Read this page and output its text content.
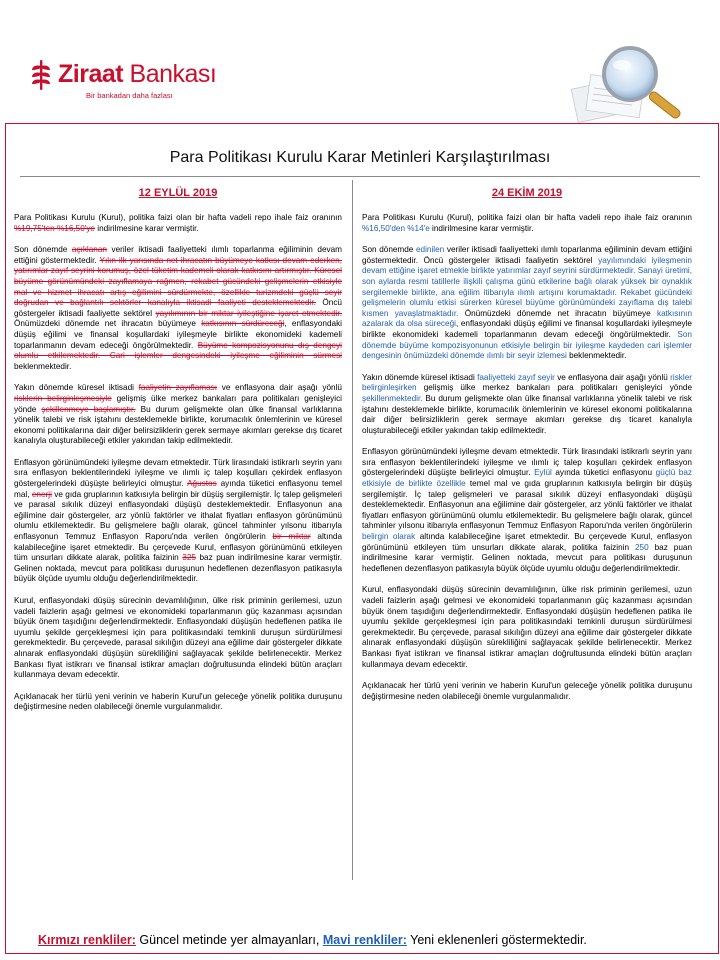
Ziraat Bankası
Bir bankadan daha fazlası
Para Politikası Kurulu Karar Metinleri Karşılaştırılması
12 EYLÜL 2019

Para Politikası Kurulu (Kurul), politika faizi olan bir hafta vadeli repo ihale faiz oranının %19,75'ten %16,50'ye indirilmesine karar vermiştir.

Son dönemde açıklanan veriler iktisadi faaliyetteki ılımlı toparlanma eğiliminin devam ettiğini göstermektedir. Yılın ilk yarısında net ihracatın büyümeye katkısı devam ederken, yatırımlar zayıf seyrini korumuş, özel tüketim kademeli olarak katkısını artırmıştır. Küresel büyüme görünümündeki zayıflamaya rağmen, rekabet gücündeki gelişmelerin etkisiyle mal ve hizmet ihracatı artış eğilimini sürdürmekte, özellikle turizmdeki güçlü seyir doğrudan ve bağlantılı sektörler kanalıyla iktisadi faaliyeti desteklemektedir. Öncü göstergeler iktisadi faaliyette sektörel yayılımının bir miktar iyileştiğine işaret etmektedir. Önümüzdeki dönemde net ihracatın büyümeye katkısının sürdüreceği, enflasyondaki düşüş eğilimi ve finansal koşullardaki iyileşmeyle birlikte ekonomideki kademeli toparlanmanın devam edeceği öngörülmektedir. Büyüme kompozisyonunu dış dengeyi olumlu etkilemektedir. Cari işlemler dengesindeki iyileşme eğiliminin sürmesi beklenmektedir.

Yakın dönemde küresel iktisadi faaliyetin zayıflaması ve enflasyona dair aşağı yönlü risklerin belirginleşmesiyle gelişmiş ülke merkez bankaları para politikaları genişleyici yönde şekillenmeye başlamıştır. Bu durum gelişmekte olan ülke finansal varlıklarına yönelik talebi ve risk iştahını desteklemekle birlikte, korumacılık önlemlerinin ve küresel ekonomi politikalarına dair diğer belirsizliklerin gerek sermaye akımları gerekse dış ticaret kanalıyla oluşturabileceği etkiler yakından takip edilmektedir.

Enflasyon görünümündeki iyileşme devam etmektedir. Türk lirasındaki istikrarlı seyrin yanı sıra enflasyon beklentilerindeki iyileşme ve ılımlı iç talep koşulları çekirdek enflasyon göstergelerindeki düşüşte belirleyici olmuştur. Ağustos ayında tüketici enflasyonu temel mal, enerji ve gıda gruplarının katkısıyla belirgin bir düşüş sergilemiştir. İç talep gelişmeleri ve parasal sıkılık düzeyi enflasyondaki düşüşü desteklemektedir. Enflasyonun ana eğilimine dair göstergeler, arz yönlü faktörler ve ithalat fiyatları enflasyon görünümünü olumlu etkilemektedir. Bu gelişmelere bağlı olarak, güncel tahminler yılsonu itibarıyla enflasyonun Temmuz Enflasyon Raporu'nda verilen öngörülerin bir miktar altında kalabileceğine işaret etmektedir. Bu çerçevede Kurul, enflasyon görünümünü etkileyen tüm unsurları dikkate alarak, politika faizinin 325 baz puan indirilmesine karar vermiştir. Gelinen noktada, mevcut para politikası duruşunun hedeflenen dezenflasyon patikasıyla büyük ölçüde uyumlu olduğu değerlendirilmektedir.

Kurul, enflasyondaki düşüş sürecinin devamlılığının, ülke risk priminin gerilemesi, uzun vadeli faizlerin aşağı gelmesi ve ekonomideki toparlanmanın güç kazanması açısından büyük önem taşıdığını değerlendirmektedir. Enflasyondaki düşüşün hedeflenen patika ile uyumlu şekilde gerçekleşmesi için para politikasındaki temkinli duruşun sürdürülmesi gerekmektedir. Bu çerçevede, parasal sıkılığın düzeyi ana eğilime dair göstergeler dikkate alınarak enflasyondaki düşüşün sürekliliğini sağlayacak şekilde belirlenecektir. Merkez Bankası fiyat istikrarı ve finansal istikrar amaçları doğrultusunda elindeki bütün araçları kullanmaya devam edecektir.

Açıklanacak her türlü yeni verinin ve haberin Kurul'un geleceğe yönelik politika duruşunu değiştirmesine neden olabileceği önemle vurgulanmalıdır.

24 EKİM 2019

Para Politikası Kurulu (Kurul), politika faizi olan bir hafta vadeli repo ihale faiz oranının %16,50'den %14'e indirilmesine karar vermiştir.

Son dönemde edinilen veriler iktisadi faaliyetteki ılımlı toparlanma eğiliminin devam ettiğini göstermektedir. Öncü göstergeler iktisadi faaliyetin sektörel yayılımındaki iyileşmenin devam ettiğine işaret etmekle birlikte yatırımlar zayıf seyrini sürdürmektedir. Sanayi üretimi, son aylarda resmi tatillerle ilişkili çalışma günü etkilerine bağlı olarak yüksek bir oynaklık sergilemekle birlikte, ana eğilim itibarıyla ılımlı artışını korumaktadır. Rekabet gücündeki gelişmelerin olumlu etkisi sürerken küresel büyüme görünümündeki zayıflama dış talebi kısmen yavaşlatmaktadır. Önümüzdeki dönemde net ihracatın büyümeye katkısının azalarak da olsa süreceği, enflasyondaki düşüş eğilimi ve finansal koşullardaki iyileşmeyle birlikte ekonomideki kademeli toparlanmanın devam edeceği öngörülmektedir. Son dönemde büyüme kompozisyonunun etkisiyle belirgin bir iyileşme kaydeden cari işlemler dengesinin önümüzdeki dönemde ılımlı bir seyir izlemesi beklenmektedir.

Yakın dönemde küresel iktisadi faaliyetteki zayıf seyir ve enflasyona dair aşağı yönlü riskler belirginleşirken gelişmiş ülke merkez bankaları para politikaları genişleyici yönde şekillenmektedir. Bu durum gelişmekte olan ülke finansal varlıklarına yönelik talebi ve risk iştahını desteklemekle birlikte, korumacılık önlemlerinin ve küresel ekonomi politikalarına dair diğer belirsizliklerin gerek sermaye akımları gerekse dış ticaret kanalıyla oluşturabileceği etkiler yakından takip edilmektedir.

Enflasyon görünümündeki iyileşme devam etmektedir. Türk lirasındaki istikrarlı seyrin yanı sıra enflasyon beklentilerindeki iyileşme ve ılımlı iç talep koşulları çekirdek enflasyon göstergelerindeki düşüşte belirleyici olmuştur. Eylül ayında tüketici enflasyonu güçlü baz etkisiyle de birlikte özellikle temel mal ve gıda gruplarının katkısıyla belirgin bir düşüş sergilemiştir. İç talep gelişmeleri ve parasal sıkılık düzeyi enflasyondaki düşüşü desteklemektedir. Enflasyonun ana eğilimine dair göstergeler, arz yönlü faktörler ve ithalat fiyatları enflasyon görünümünü olumlu etkilemektedir. Bu gelişmelere bağlı olarak, güncel tahminler yılsonu itibarıyla enflasyonun Temmuz Enflasyon Raporu'nda verilen öngörülerin belirgin olarak altında kalabileceğine işaret etmektedir. Bu çerçevede Kurul, enflasyon görünümünü etkileyen tüm unsurları dikkate alarak, politika faizinin 250 baz puan indirilmesine karar vermiştir. Gelinen noktada, mevcut para politikası duruşunun hedeflenen dezenflasyon patikasıyla büyük ölçüde uyumlu olduğu değerlendirilmektedir.

Kurul, enflasyondaki düşüş sürecinin devamlılığının, ülke risk priminin gerilemesi, uzun vadeli faizlerin aşağı gelmesi ve ekonomideki toparlanmanın güç kazanması açısından büyük önem taşıdığını değerlendirmektedir. Enflasyondaki düşüşün hedeflenen patika ile uyumlu şekilde gerçekleşmesi için para politikasındaki temkinli duruşun sürdürülmesi gerekmektedir. Bu çerçevede, parasal sıkılığın düzeyi ana eğilime dair göstergeler dikkate alınarak enflasyondaki düşüşün sürekliliğini sağlayacak şekilde belirlenecektir. Merkez Bankası fiyat istikrarı ve finansal istikrar amaçları doğrultusunda elindeki bütün araçları kullanmaya devam edecektir.

Açıklanacak her türlü yeni verinin ve haberin Kurul'un geleceğe yönelik politika duruşunu değiştirmesine neden olabileceği önemle vurgulanmalıdır.

Kırmızı renkliler: Güncel metinde yer almayanları, Mavi renkliler: Yeni eklenenleri göstermektedir.
